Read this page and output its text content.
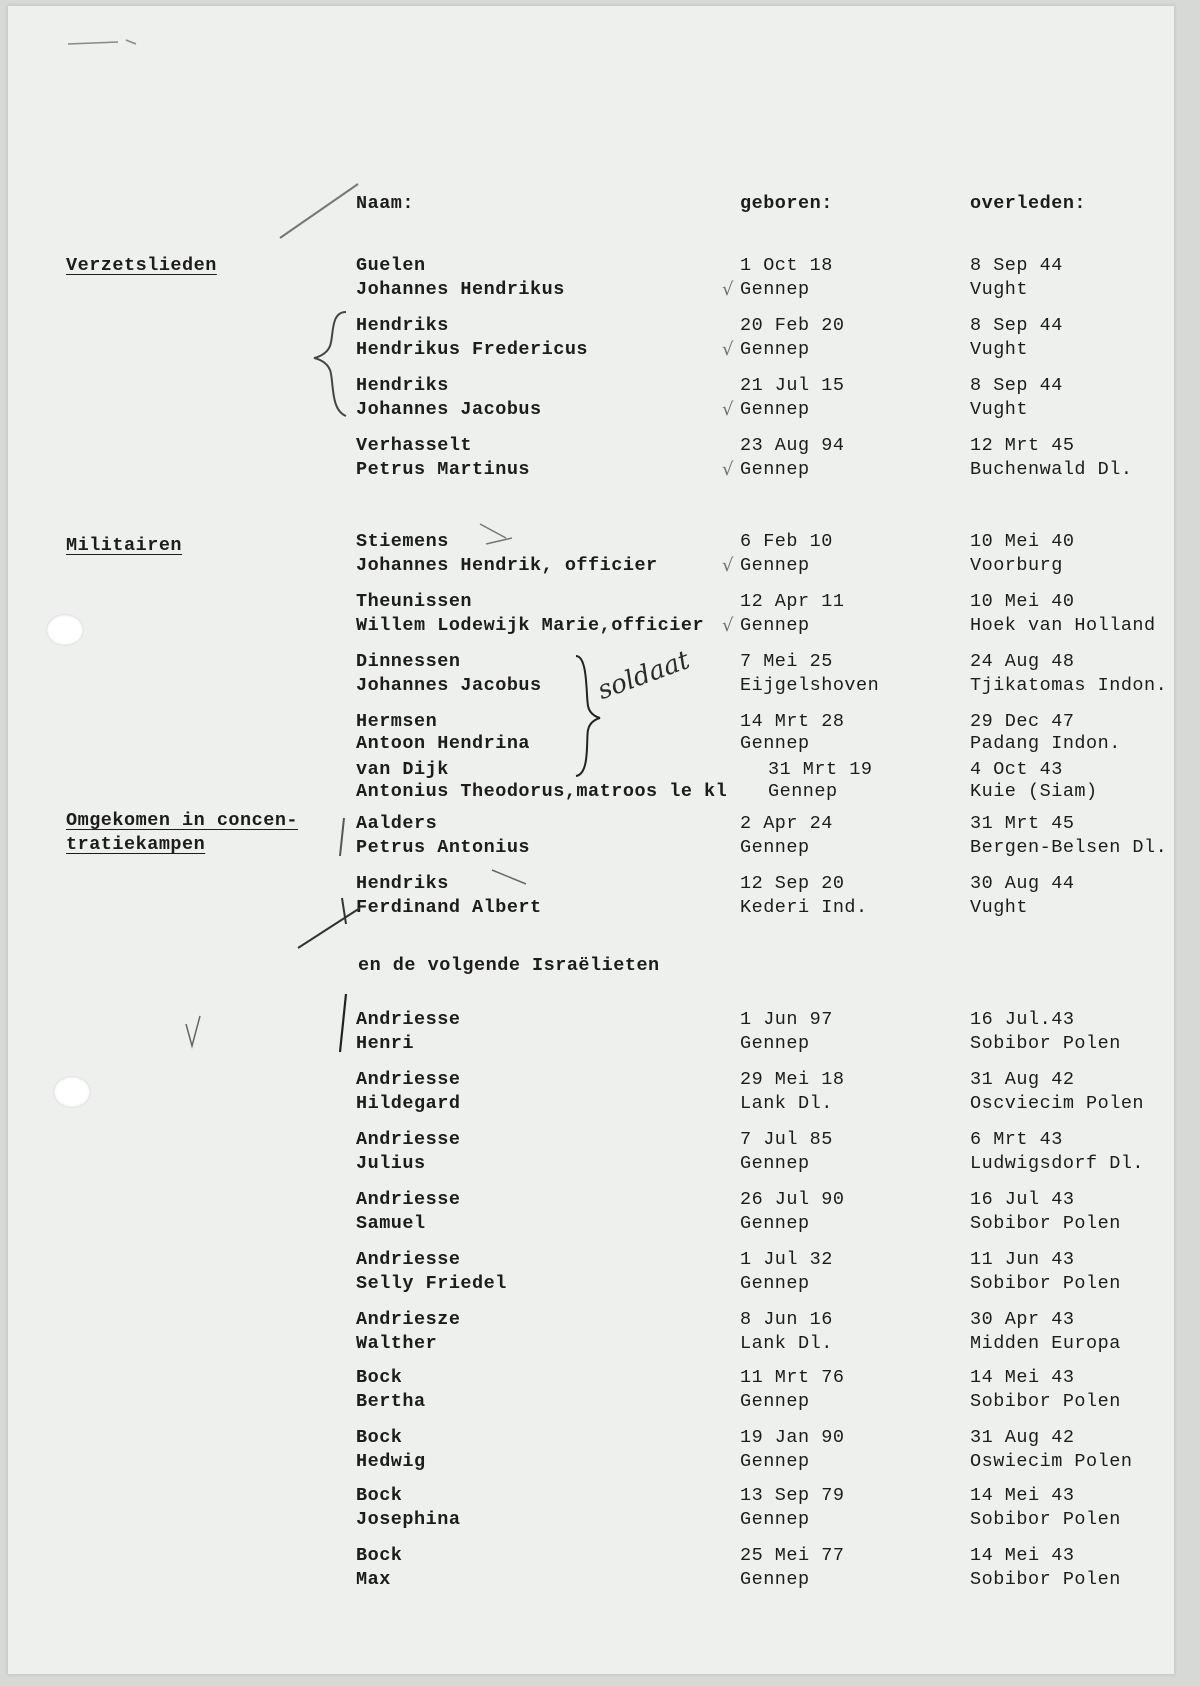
Naam:	geboren:	overleden:
Verzetslieden
Militairen
Omgekomen in concen-
tratiekampen
en de volgende Israëlieten
soldaat
Guelen
Johannes Hendrikus
1 Oct 18
Gennep
8 Sep 44
Vught
√
Hendriks
Hendrikus Fredericus
20 Feb 20
Gennep
8 Sep 44
Vught
√
Hendriks
Johannes Jacobus
21 Jul 15
Gennep
8 Sep 44
Vught
√
Verhasselt
Petrus Martinus
23 Aug 94
Gennep
12 Mrt 45
Buchenwald Dl.
√
Stiemens
Johannes Hendrik, officier
6 Feb 10
Gennep
10 Mei 40
Voorburg
√
Theunissen
Willem Lodewijk Marie,officier
12 Apr 11
Gennep
10 Mei 40
Hoek van Holland
√
Dinnessen
Johannes Jacobus
7 Mei 25
Eijgelshoven
24 Aug 48
Tjikatomas Indon.
Hermsen
Antoon Hendrina
14 Mrt 28
Gennep
29 Dec 47
Padang Indon.
van Dijk
Antonius Theodorus,matroos le kl
31 Mrt 19
Gennep
4 Oct 43
Kuie (Siam)
Aalders
Petrus Antonius
2 Apr 24
Gennep
31 Mrt 45
Bergen-Belsen Dl.
Hendriks
Ferdinand Albert
12 Sep 20
Kederi Ind.
30 Aug 44
Vught
Andriesse
Henri
1 Jun 97
Gennep
16 Jul.43
Sobibor Polen
Andriesse
Hildegard
29 Mei 18
Lank Dl.
31 Aug 42
Oscviecim Polen
Andriesse
Julius
7 Jul 85
Gennep
6 Mrt 43
Ludwigsdorf Dl.
Andriesse
Samuel
26 Jul 90
Gennep
16 Jul 43
Sobibor Polen
Andriesse
Selly Friedel
1 Jul 32
Gennep
11 Jun 43
Sobibor Polen
Andriesze
Walther
8 Jun 16
Lank Dl.
30 Apr 43
Midden Europa
Bock
Bertha
11 Mrt 76
Gennep
14 Mei 43
Sobibor Polen
Bock
Hedwig
19 Jan 90
Gennep
31 Aug 42
Oswiecim Polen
Bock
Josephina
13 Sep 79
Gennep
14 Mei 43
Sobibor Polen
Bock
Max
25 Mei 77
Gennep
14 Mei 43
Sobibor Polen
